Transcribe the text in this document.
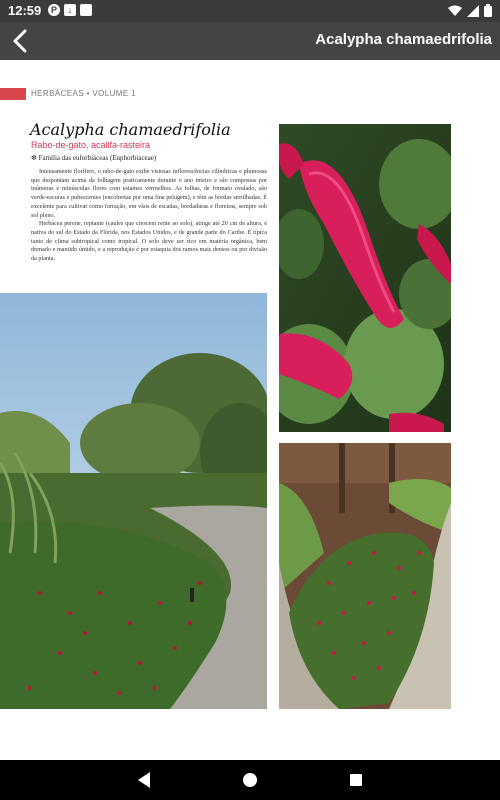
12:59	P	↓
Acalypha chamaedrifolia
HERBÁCEAS • VOLUME 1
Acalypha chamaedrifolia
Rabo-de-gato, acalifa-rasteira
✻ Família das euforbiáceas (Euphorbiaceae)

Intensamente florífero, o rabo-de-gato exibe vistosas inflorescências cilíndricas e plumosas que despontam acima da folhagem praticamente durante o ano inteiro e são compostas por inúmeras e minúsculas flores com estames vermelhos. As folhas, de formato ovalado, são verde-escuras e pubescentes (encobertas por uma fina pelugem), e têm as bordas serrilhadas. É excelente para cultivar como forração, em vãos de escadas, bordaduras e floreiras, sempre sob sol pleno.

Herbácea perene, reptante (caules que crescem rente ao solo), atinge até 20 cm de altura, é nativa do sul do Estado da Flórida, nos Estados Unidos, e de grande parte do Caribe. É típica tanto de clima subtropical como tropical. O solo deve ser rico em matéria orgânica, bem drenado e mantido úmido, e a reprodução é por estaquia dos ramos mais densos ou por divisão da planta.
